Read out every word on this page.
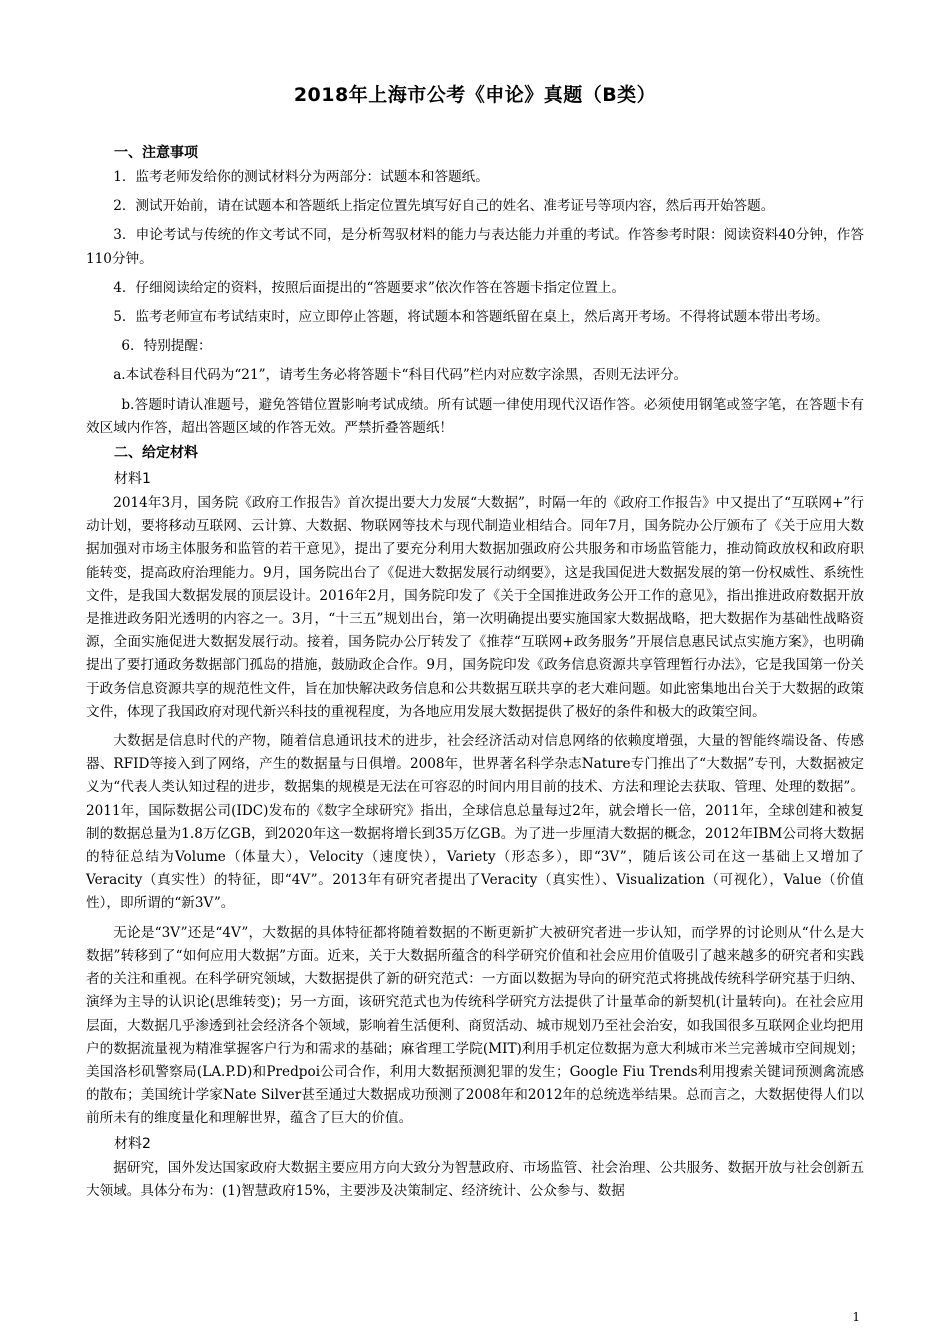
2018年上海市公考《申论》真题（B类）
一、注意事项

1．监考老师发给你的测试材料分为两部分：试题本和答题纸。

2．测试开始前，请在试题本和答题纸上指定位置先填写好自己的姓名、准考证号等项内容，然后再开始答题。

3．申论考试与传统的作文考试不同，是分析驾驭材料的能力与表达能力并重的考试。作答参考时限：阅读资料40分钟，作答110分钟。

4．仔细阅读给定的资料，按照后面提出的“答题要求”依次作答在答题卡指定位置上。

5．监考老师宣布考试结束时，应立即停止答题，将试题本和答题纸留在桌上，然后离开考场。不得将试题本带出考场。

6．特别提醒：

a.本试卷科目代码为“21”，请考生务必将答题卡“科目代码”栏内对应数字涂黑，否则无法评分。

b.答题时请认准题号，避免答错位置影响考试成绩。所有试题一律使用现代汉语作答。必须使用钢笔或签字笔，在答题卡有效区域内作答，超出答题区域的作答无效。严禁折叠答题纸！

二、给定材料
材料1

2014年3月，国务院《政府工作报告》首次提出要大力发展“大数据”，时隔一年的《政府工作报告》中又提出了“互联网+”行动计划，要将移动互联网、云计算、大数据、物联网等技术与现代制造业相结合。同年7月，国务院办公厅颁布了《关于应用大数据加强对市场主体服务和监管的若干意见》，提出了要充分利用大数据加强政府公共服务和市场监管能力，推动简政放权和政府职能转变，提高政府治理能力。9月，国务院出台了《促进大数据发展行动纲要》，这是我国促进大数据发展的第一份权威性、系统性文件，是我国大数据发展的顶层设计。2016年2月，国务院印发了《关于全国推进政务公开工作的意见》，指出推进政府数据开放是推进政务阳光透明的内容之一。3月，“十三五”规划出台，第一次明确提出要实施国家大数据战略，把大数据作为基础性战略资源，全面实施促进大数据发展行动。接着，国务院办公厅转发了《推荐“互联网+政务服务”开展信息惠民试点实施方案》，也明确提出了要打通政务数据部门孤岛的措施，鼓励政企合作。9月，国务院印发《政务信息资源共享管理暂行办法》，它是我国第一份关于政务信息资源共享的规范性文件，旨在加快解决政务信息和公共数据互联共享的老大难问题。如此密集地出台关于大数据的政策文件，体现了我国政府对现代新兴科技的重视程度，为各地应用发展大数据提供了极好的条件和极大的政策空间。

大数据是信息时代的产物，随着信息通讯技术的进步，社会经济活动对信息网络的依赖度增强，大量的智能终端设备、传感器、RFID等接入到了网络，产生的数据量与日俱增。2008年，世界著名科学杂志Nature专门推出了“大数据”专刊，大数据被定义为“代表人类认知过程的进步，数据集的规模是无法在可容忍的时间内用目前的技术、方法和理论去获取、管理、处理的数据”。2011年，国际数据公司(IDC)发布的《数字全球研究》指出，全球信息总量每过2年，就会增长一倍，2011年，全球创建和被复制的数据总量为1.8万亿GB，到2020年这一数据将增长到35万亿GB。为了进一步厘清大数据的概念，2012年IBM公司将大数据的特征总结为Volume（体量大），Velocity（速度快），Variety（形态多），即“3V”，随后该公司在这一基础上又增加了Veracity（真实性）的特征，即“4V”。2013年有研究者提出了Veracity（真实性）、Visualization（可视化），Value（价值性），即所谓的“新3V”。

无论是“3V”还是“4V”，大数据的具体特征都将随着数据的不断更新扩大被研究者进一步认知，而学界的讨论则从“什么是大数据”转移到了“如何应用大数据”方面。近来，关于大数据所蕴含的科学研究价值和社会应用价值吸引了越来越多的研究者和实践者的关注和重视。在科学研究领域，大数据提供了新的研究范式：一方面以数据为导向的研究范式将挑战传统科学研究基于归纳、演绎为主导的认识论(思维转变)；另一方面，该研究范式也为传统科学研究方法提供了计量革命的新契机(计量转向)。在社会应用层面，大数据几乎渗透到社会经济各个领域，影响着生活便利、商贸活动、城市规划乃至社会治安，如我国很多互联网企业均把用户的数据流量视为精准掌握客户行为和需求的基础；麻省理工学院(MIT)利用手机定位数据为意大利城市米兰完善城市空间规划；美国洛杉矶警察局(LA.P.D)和Predpoi公司合作，利用大数据预测犯罪的发生；Google Fiu Trends利用搜索关键词预测禽流感的散布；美国统计学家Nate Silver甚至通过大数据成功预测了2008年和2012年的总统选举结果。总而言之，大数据使得人们以前所未有的维度量化和理解世界，蕴含了巨大的价值。

材料2

据研究，国外发达国家政府大数据主要应用方向大致分为智慧政府、市场监管、社会治理、公共服务、数据开放与社会创新五大领域。具体分布为：(1)智慧政府15%，主要涉及决策制定、经济统计、公众参与、数据

1
